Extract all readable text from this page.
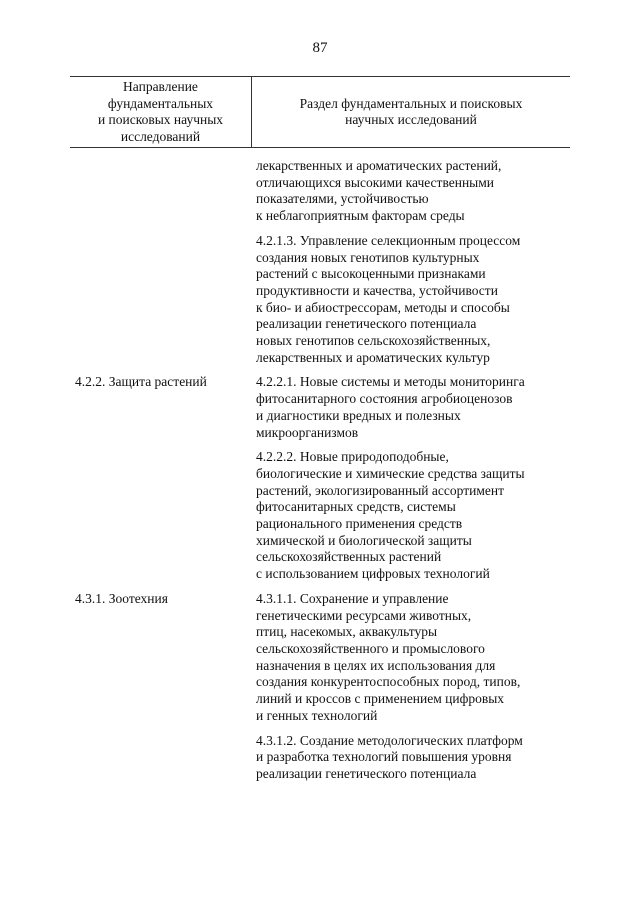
87
Направление
фундаментальных
и поисковых научных
исследований
Раздел фундаментальных и поисковых
научных исследований

лекарственных и ароматических растений,
отличающихся высокими качественными
показателями, устойчивостью
к неблагоприятным факторам среды

4.2.1.3. Управление селекционным процессом
создания новых генотипов культурных
растений с высокоценными признаками
продуктивности и качества, устойчивости
к био- и абиострессорам, методы и способы
реализации генетического потенциала
новых генотипов сельскохозяйственных,
лекарственных и ароматических культур

4.2.2. Защита растений	4.2.2.1. Новые системы и методы мониторинга
фитосанитарного состояния агробиоценозов
и диагностики вредных и полезных
микроорганизмов

4.2.2.2. Новые природоподобные,
биологические и химические средства защиты
растений, экологизированный ассортимент
фитосанитарных средств, системы
рационального применения средств
химической и биологической защиты
сельскохозяйственных растений
с использованием цифровых технологий

4.3.1. Зоотехния	4.3.1.1. Сохранение и управление
генетическими ресурсами животных,
птиц, насекомых, аквакультуры
сельскохозяйственного и промыслового
назначения в целях их использования для
создания конкурентоспособных пород, типов,
линий и кроссов с применением цифровых
и генных технологий

4.3.1.2. Создание методологических платформ
и разработка технологий повышения уровня
реализации генетического потенциала
